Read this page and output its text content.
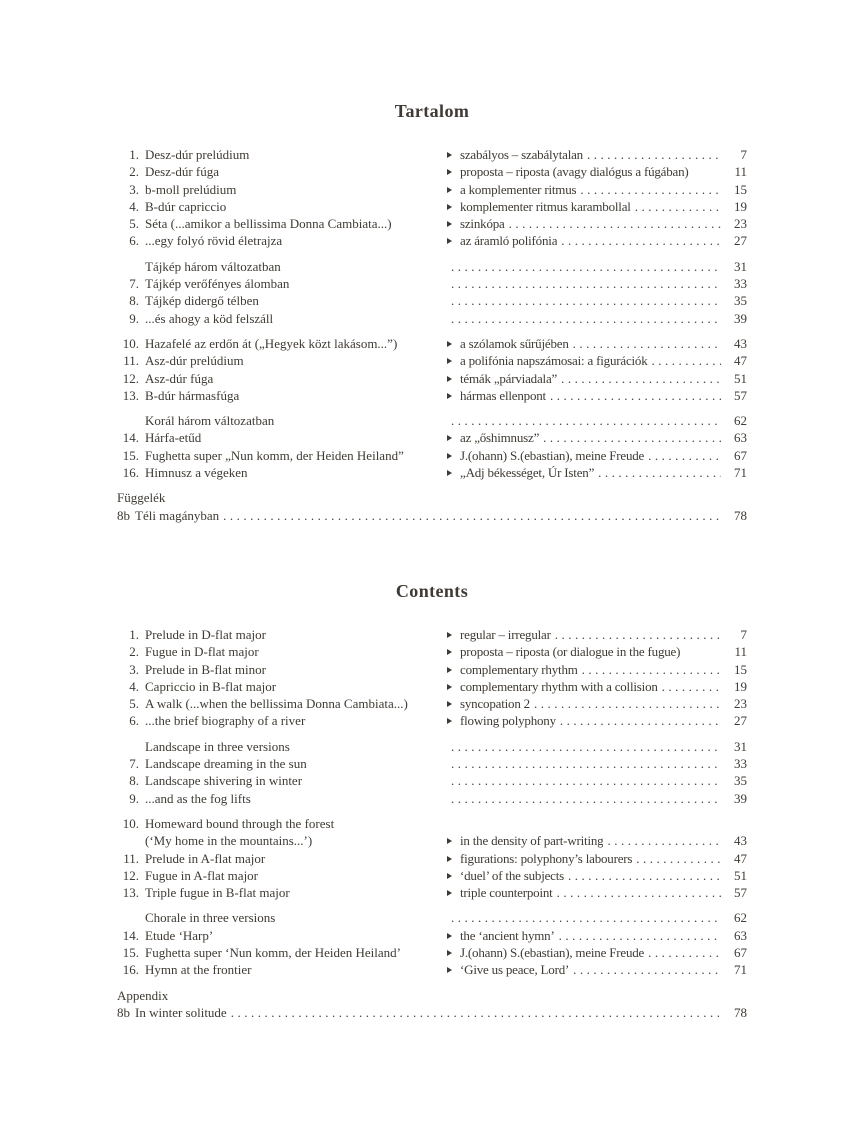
Tartalom
1. Desz-dúr prelúdium	szabályos – szabálytalan .....	7
2. Desz-dúr fúga	proposta – riposta (avagy dialógus a fúgában)	11
3. b-moll prelúdium	a komplementer ritmus .....	15
4. B-dúr capriccio	komplementer ritmus karambollal .....	19
5. Séta (...amikor a bellissima Donna Cambiata...)	szinkópa .....	23
6. ...egy folyó rövid életrajza	az áramló polifónia .....	27
Tájkép három változatban .....	31
7. Tájkép verőfényes álomban .....	33
8. Tájkép didergő télben .....	35
9. ...és ahogy a köd felszáll .....	39
10. Hazafelé az erdőn át („Hegyek közt lakásom...”)	a szólamok sűrűjében .....	43
11. Asz-dúr prelúdium	a polifónia napszámosai: a figurációk .....	47
12. Asz-dúr fúga	témák „párviadala” .....	51
13. B-dúr hármasfúga	hármas ellenpont .....	57
Korál három változatban .....	62
14. Hárfa-etűd	az „őshimnusz” .....	63
15. Fughetta super „Nun komm, der Heiden Heiland”	J.(ohann) S.(ebastian), meine Freude .....	67
16. Himnusz a végeken	„Adj békességet, Úr Isten” .....	71
Függelék
8b Téli magányban .....	78
Contents
1. Prelude in D-flat major	regular – irregular .....	7
2. Fugue in D-flat major	proposta – riposta (or dialogue in the fugue)	11
3. Prelude in B-flat minor	complementary rhythm .....	15
4. Capriccio in B-flat major	complementary rhythm with a collision .....	19
5. A walk (...when the bellissima Donna Cambiata...)	syncopation 2 .....	23
6. ...the brief biography of a river	flowing polyphony .....	27
Landscape in three versions .....	31
7. Landscape dreaming in the sun .....	33
8. Landscape shivering in winter .....	35
9. ...and as the fog lifts .....	39
10. Homeward bound through the forest
(‘My home in the mountains...’)	in the density of part-writing .....	43
11. Prelude in A-flat major	figurations: polyphony’s labourers .....	47
12. Fugue in A-flat major	‘duel’ of the subjects .....	51
13. Triple fugue in B-flat major	triple counterpoint .....	57
Chorale in three versions .....	62
14. Etude ‘Harp’	the ‘ancient hymn’ .....	63
15. Fughetta super ‘Nun komm, der Heiden Heiland’	J.(ohann) S.(ebastian), meine Freude .....	67
16. Hymn at the frontier	‘Give us peace, Lord’ .....	71
Appendix
8b In winter solitude .....	78
